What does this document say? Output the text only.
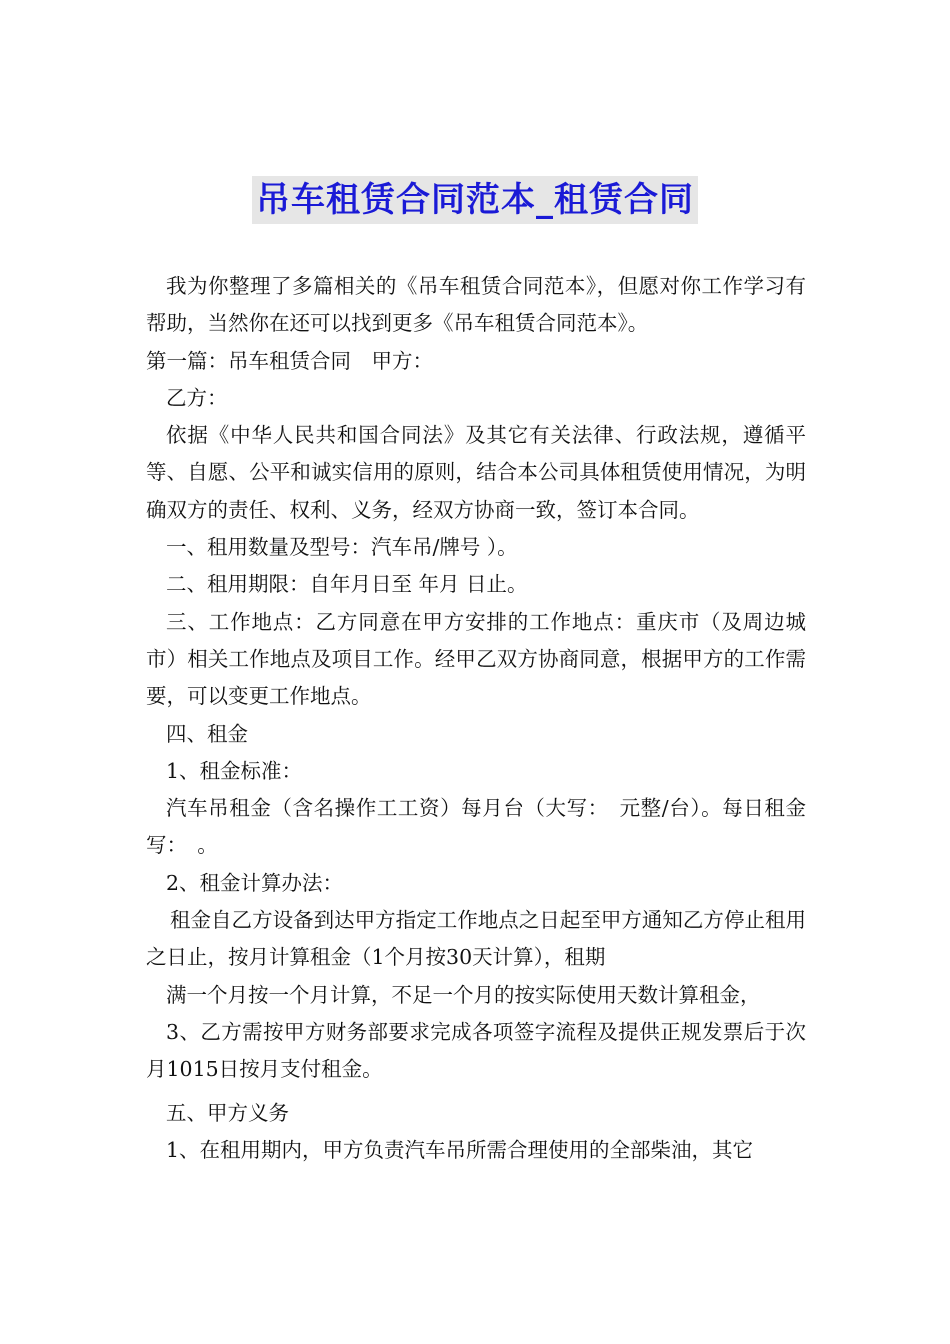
吊车租赁合同范本_租赁合同

我为你整理了多篇相关的《吊车租赁合同范本》，但愿对你工作学习有帮助，当然你在还可以找到更多《吊车租赁合同范本》。

第一篇：吊车租赁合同　甲方：

乙方：

依据《中华人民共和国合同法》及其它有关法律、行政法规，遵循平等、自愿、公平和诚实信用的原则，结合本公司具体租赁使用情况，为明确双方的责任、权利、义务，经双方协商一致，签订本合同。

一、租用数量及型号：汽车吊/牌号 ）。

二、租用期限：自年月日至 年月 日止。

三、工作地点：乙方同意在甲方安排的工作地点：重庆市（及周边城市）相关工作地点及项目工作。经甲乙双方协商同意，根据甲方的工作需要，可以变更工作地点。

四、租金

1、租金标准：

汽车吊租金（含名操作工工资）每月台（大写：　元整/台）。每日租金写：　。

2、租金计算办法：

租金自乙方设备到达甲方指定工作地点之日起至甲方通知乙方停止租用之日止，按月计算租金（1个月按30天计算），租期

满一个月按一个月计算，不足一个月的按实际使用天数计算租金，

3、乙方需按甲方财务部要求完成各项签字流程及提供正规发票后于次月1015日按月支付租金。

五、甲方义务

1、在租用期内，甲方负责汽车吊所需合理使用的全部柴油，其它
